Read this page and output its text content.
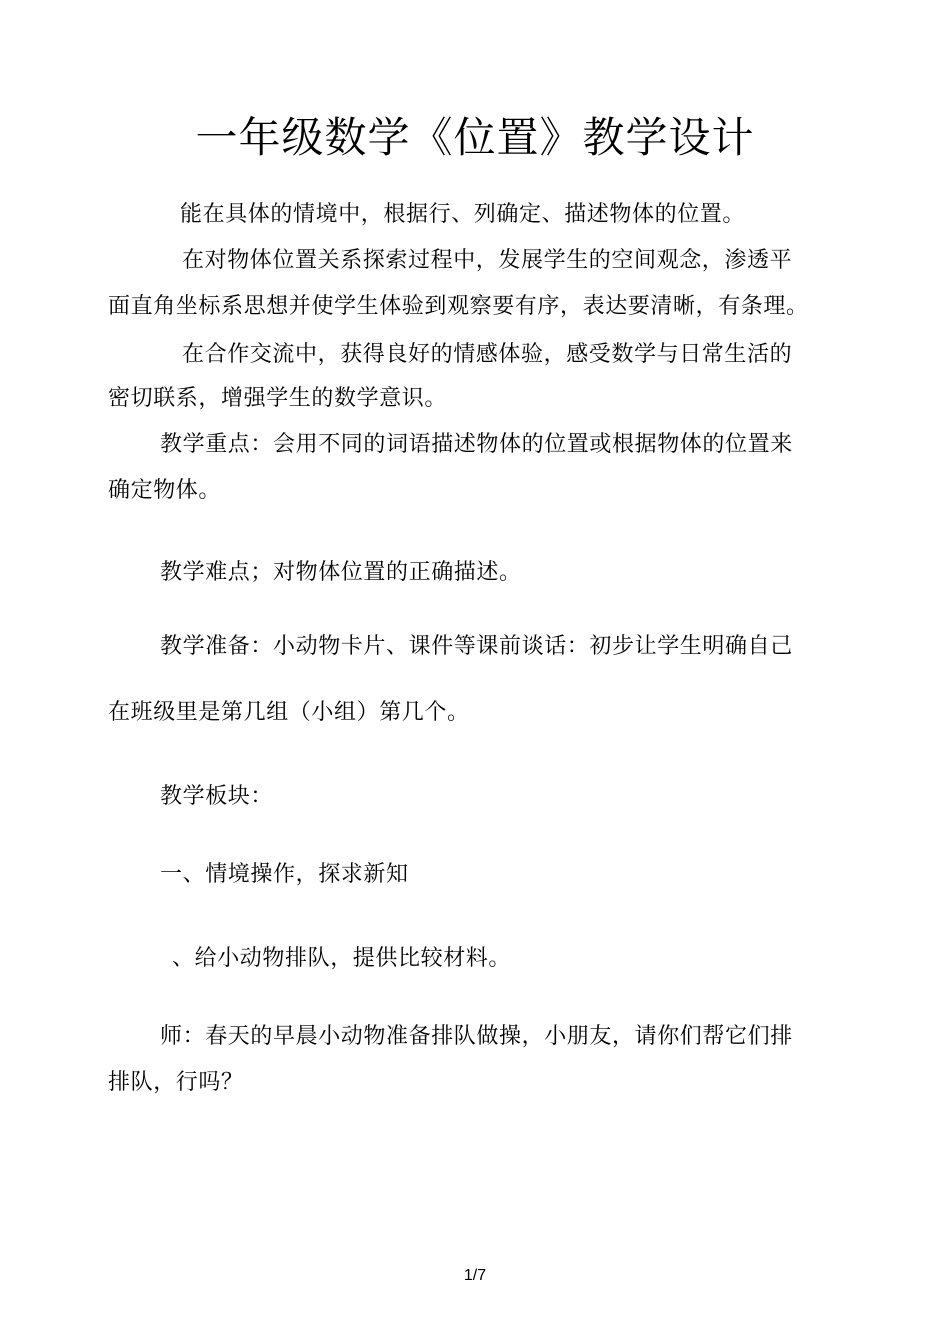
一年级数学《位置》教学设计
能在具体的情境中，根据行、列确定、描述物体的位置。
在对物体位置关系探索过程中，发展学生的空间观念，渗透平
面直角坐标系思想并使学生体验到观察要有序，表达要清晰，有条理。
在合作交流中，获得良好的情感体验，感受数学与日常生活的
密切联系，增强学生的数学意识。
教学重点：会用不同的词语描述物体的位置或根据物体的位置来
确定物体。
教学难点；对物体位置的正确描述。
教学准备：小动物卡片、课件等课前谈话：初步让学生明确自己
在班级里是第几组（小组）第几个。
教学板块：
一、情境操作，探求新知
、给小动物排队，提供比较材料。
师：春天的早晨小动物准备排队做操，小朋友，请你们帮它们排
排队，行吗？
1/7
